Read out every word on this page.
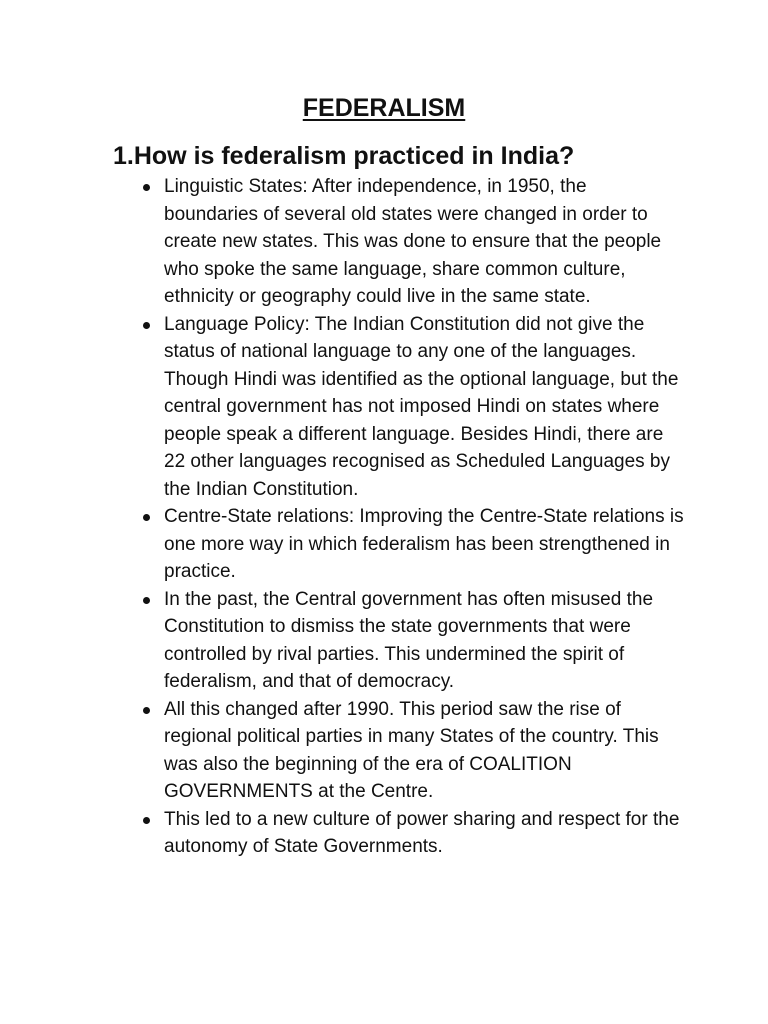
FEDERALISM
1.How is federalism practiced in India?
Linguistic States: After independence, in 1950, the boundaries of several old states were changed in order to create new states. This was done to ensure that the people who spoke the same language, share common culture, ethnicity or geography could live in the same state.
Language Policy: The Indian Constitution did not give the status of national language to any one of the languages. Though Hindi was identified as the optional language, but the central government has not imposed Hindi on states where people speak a different language. Besides Hindi, there are 22 other languages recognised as Scheduled Languages by the Indian Constitution.
Centre-State relations: Improving the Centre-State relations is one more way in which federalism has been strengthened in practice.
In the past, the Central government has often misused the Constitution to dismiss the state governments that were controlled by rival parties. This undermined the spirit of federalism, and that of democracy.
All this changed after 1990. This period saw the rise of regional political parties in many States of the country. This was also the beginning of the era of COALITION GOVERNMENTS at the Centre.
This led to a new culture of power sharing and respect for the autonomy of State Governments.
